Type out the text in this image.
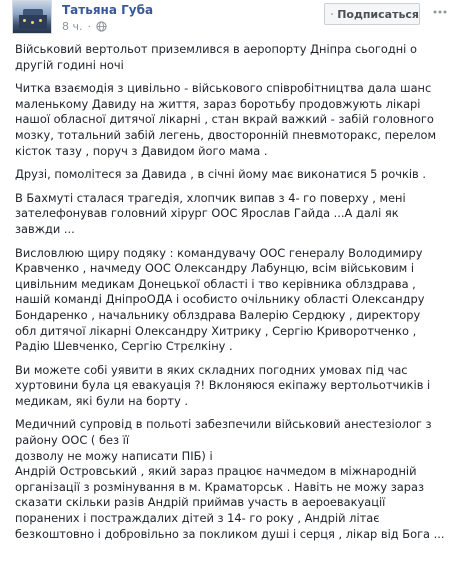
Татьяна Губа
8 ч. ·
Подписаться

Військовий вертольот приземлився в аеропорту Дніпра сьогодні о другій годині ночі

Читка взаємодія з цивільно - військового співробітництва дала шанс маленькому Давиду на життя, зараз боротьбу продовжують лікарі нашої обласної дитячої лікарні , стан вкрай важкий - забій головного мозку, тотальний забій легень, двосторонній пневмоторакс, перелом кісток тазу , поруч з Давидом його мама .

Друзі, помолітеся за Давида , в січні йому має виконатися 5 рочків .

В Бахмуті сталася трагедія, хлопчик випав з 4- го поверху , мені зателефонував головний хірург ООС Ярослав Гайда ...А далі як завжди ...

Висловлюю щиру подяку : командувачу ООС генералу Володимиру Кравченко , начмеду ООС Олександру Лабунцю, всім військовим і цивільним медикам Донецької області і тво керівника облздрава , нашій команді ДніпроОДА і особисто очільнику області Олександру Бондаренко , начальнику облздрава Валерію Сердюку , директору обл дитячої лікарні Олександру Хитрику , Сергію Криворотченко , Радію Шевченко, Сергію Стрєлкіну .

Ви можете собі уявити в яких складних погодних умовах під час хуртовини була ця евакуація ?! Вклоняюся екіпажу вертольотчиків і медикам, які були на борту .

Медичний супровід в польоті забезпечили військовий анестезіолог з району ООС ( без її
дозволу не можу написати ПІБ) і
Андрій Островський , який зараз працює начмедом в міжнародній організації з розмінування в м. Краматорськ . Навіть не можу зараз сказати скільки разів Андрій приймав участь в аероевакуації поранених і постраждалих дітей з 14- го року , Андрій літає безкоштовно і добровільно за покликом душі і серця , лікар від Бога ...
